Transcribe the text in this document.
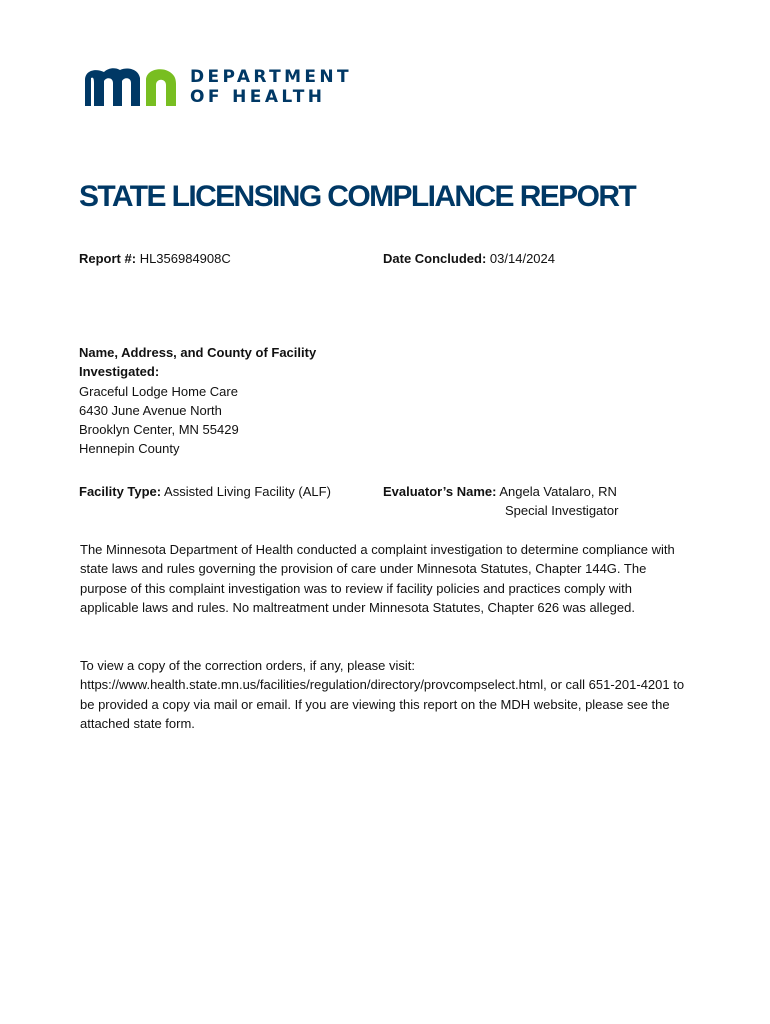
DEPARTMENT
OF HEALTH
STATE LICENSING COMPLIANCE REPORT
Report #: HL356984908C	Date Concluded: 03/14/2024
Name, Address, and County of Facility
Investigated:
Graceful Lodge Home Care
6430 June Avenue North
Brooklyn Center, MN 55429
Hennepin County
Facility Type: Assisted Living Facility (ALF)	Evaluator’s Name: Angela Vatalaro, RN
Special Investigator

The Minnesota Department of Health conducted a complaint investigation to determine compliance with state laws and rules governing the provision of care under Minnesota Statutes, Chapter 144G. The purpose of this complaint investigation was to review if facility policies and practices comply with applicable laws and rules. No maltreatment under Minnesota Statutes, Chapter 626 was alleged.

To view a copy of the correction orders, if any, please visit: https://www.health.state.mn.us/facilities/regulation/directory/provcompselect.html, or call 651-201-4201 to be provided a copy via mail or email. If you are viewing this report on the MDH website, please see the attached state form.
